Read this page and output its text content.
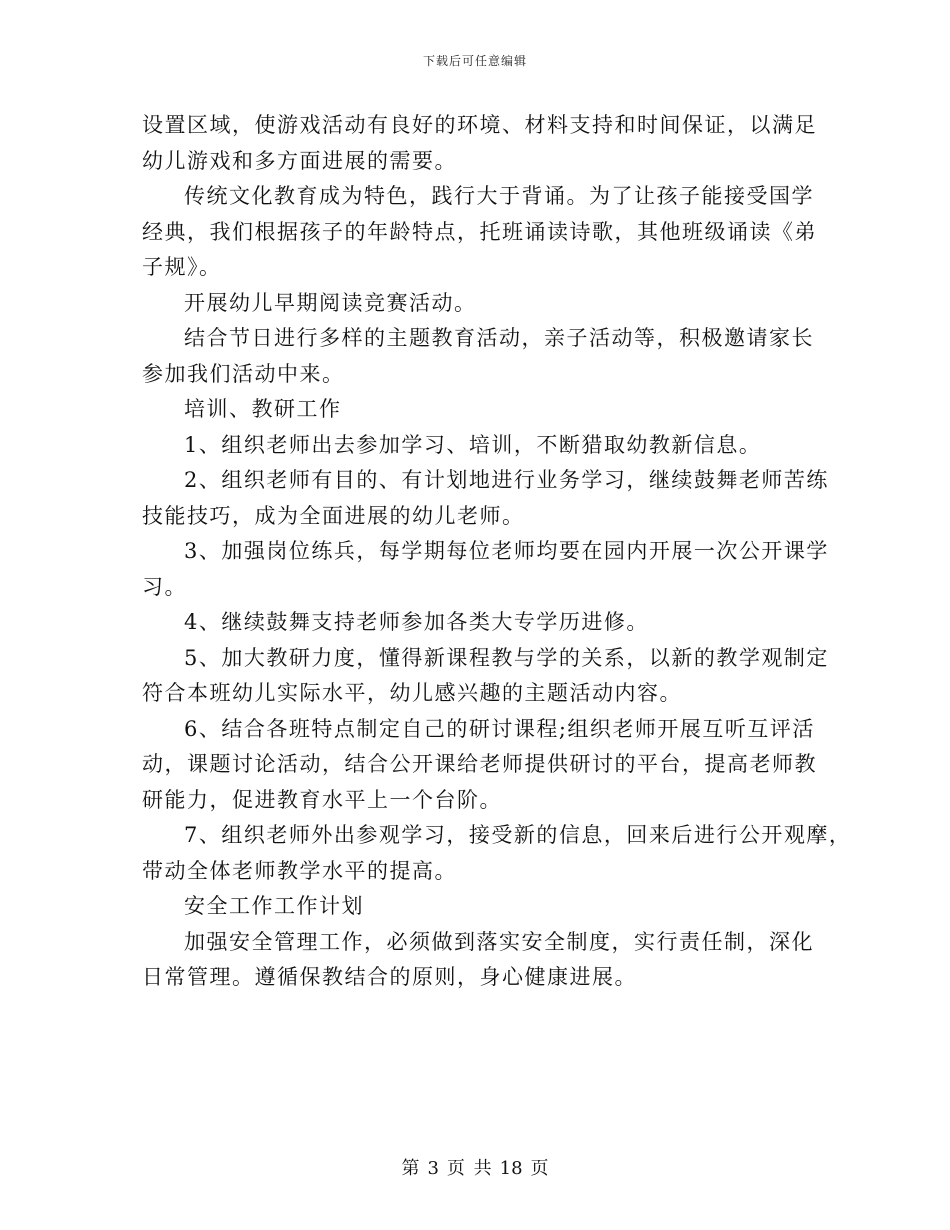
下载后可任意编辑
设置区域，使游戏活动有良好的环境、材料支持和时间保证，以满足
幼儿游戏和多方面进展的需要。
传统文化教育成为特色，践行大于背诵。为了让孩子能接受国学
经典，我们根据孩子的年龄特点，托班诵读诗歌，其他班级诵读《弟
子规》。
开展幼儿早期阅读竞赛活动。
结合节日进行多样的主题教育活动，亲子活动等，积极邀请家长
参加我们活动中来。
培训、教研工作
1、组织老师出去参加学习、培训，不断猎取幼教新信息。
2、组织老师有目的、有计划地进行业务学习，继续鼓舞老师苦练
技能技巧，成为全面进展的幼儿老师。
3、加强岗位练兵，每学期每位老师均要在园内开展一次公开课学
习。
4、继续鼓舞支持老师参加各类大专学历进修。
5、加大教研力度，懂得新课程教与学的关系，以新的教学观制定
符合本班幼儿实际水平，幼儿感兴趣的主题活动内容。
6、结合各班特点制定自己的研讨课程;组织老师开展互听互评活
动，课题讨论活动，结合公开课给老师提供研讨的平台，提高老师教
研能力，促进教育水平上一个台阶。
7、组织老师外出参观学习，接受新的信息，回来后进行公开观摩，
带动全体老师教学水平的提高。
安全工作工作计划
加强安全管理工作，必须做到落实安全制度，实行责任制，深化
日常管理。遵循保教结合的原则，身心健康进展。
第 3 页 共 18 页
